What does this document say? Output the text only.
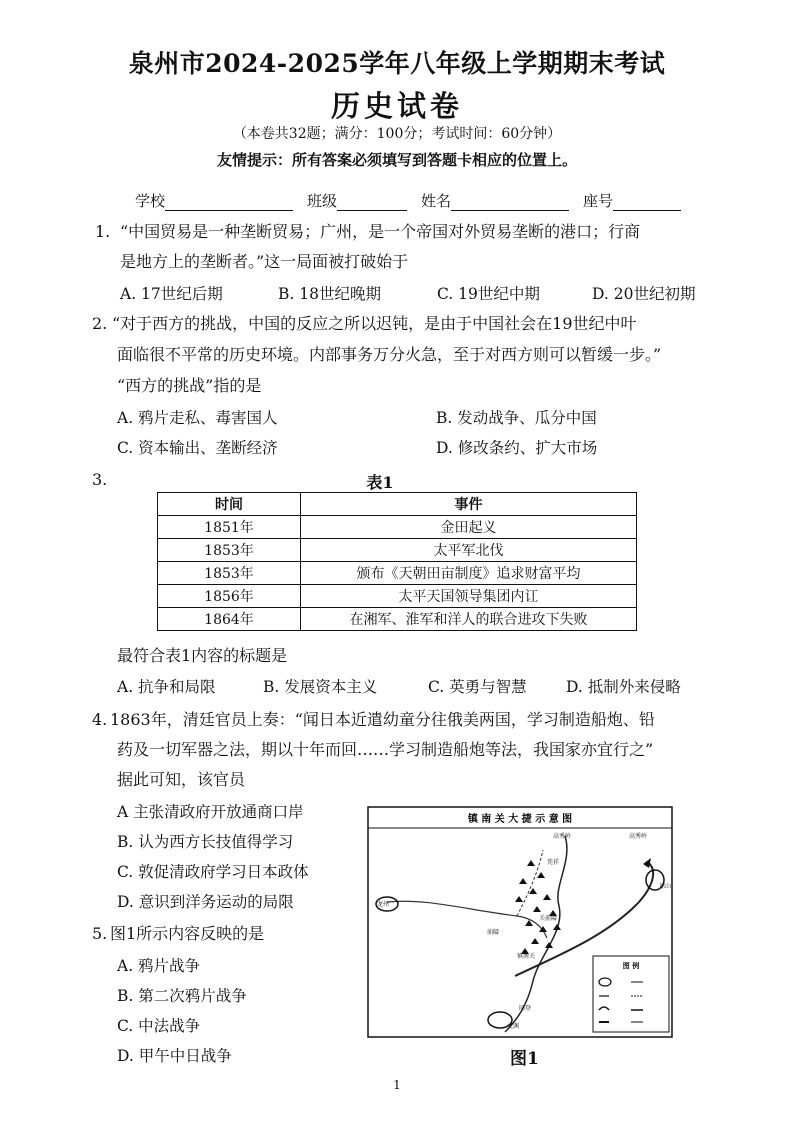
泉州市2024-2025学年八年级上学期期末考试
历史试卷
（本卷共32题；满分：100分；考试时间：60分钟）
友情提示：所有答案必须填写到答题卡相应的位置上。
学校	班级	姓名	座号
1. “中国贸易是一种垄断贸易；广州，是一个帝国对外贸易垄断的港口；行商
是地方上的垄断者。”这一局面被打破始于
A. 17世纪后期	B. 18世纪晚期	C. 19世纪中期	D. 20世纪初期
2. “对于西方的挑战，中国的反应之所以迟钝，是由于中国社会在19世纪中叶
面临很不平常的历史环境。内部事务万分火急，至于对西方则可以暂缓一步。”
“西方的挑战”指的是
A. 鸦片走私、毒害国人	B. 发动战争、瓜分中国
C. 资本输出、垄断经济	D. 修改条约、扩大市场
3.	表1
时间	事件
1851年	金田起义
1853年	太平军北伐
1853年	颁布《天朝田亩制度》追求财富平均
1856年	太平天国领导集团内讧
1864年	在湘军、淮军和洋人的联合进攻下失败
最符合表1内容的标题是
A. 抗争和局限	B. 发展资本主义	C. 英勇与智慧	D. 抵制外来侵略
4. 1863年，清廷官员上奏：“闻日本近遣幼童分往俄美两国，学习制造船炮、铅
药及一切军器之法，期以十年而回……学习制造船炮等法，我国家亦宜行之”
据此可知，该官员
A 主张清政府开放通商口岸
B. 认为西方长技值得学习
C. 敦促清政府学习日本政体
D. 意识到洋务运动的局限
5. 图1所示内容反映的是
A. 鸦片战争
B. 第二次鸦片战争
C. 中法战争
D. 甲午中日战争
镇 南 关 大 捷 示 意 图
高秀岭	高秀岭
谅山
龙州
凭祥
关前隘
镇南关
同登
文渊
油隘
图 例
图1
1
